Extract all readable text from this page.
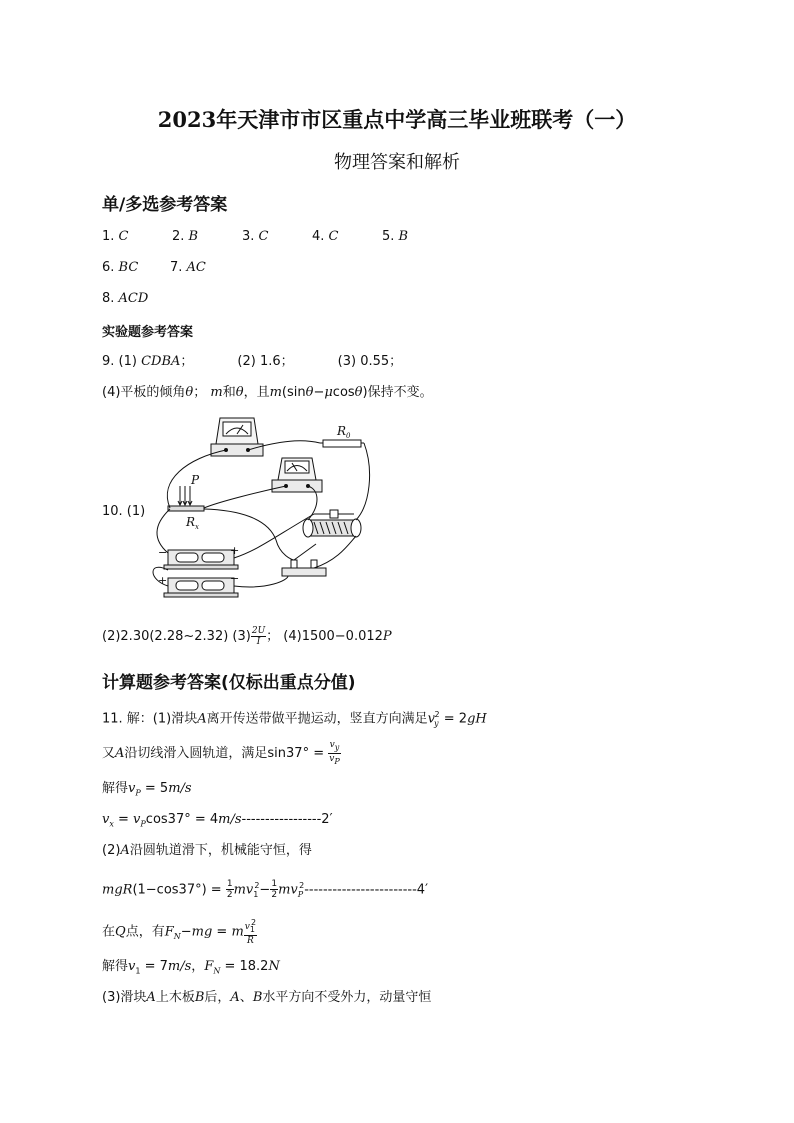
2023年天津市市区重点中学高三毕业班联考（一）
物理答案和解析
单/多选参考答案
1. C	2. B	3. C	4. C	5. B
6. BC 7. AC
8. ACD
实验题参考答案
9. (1) CDBA；	(2) 1.6；	(3) 0.55；
(4)平板的倾角θ； m和θ，且m(sinθ−μcosθ)保持不变。
10. (1)
$R_0$
P
$R_x$
−	+
+	−
(2)2.30(2.28~2.32) $(3) \frac{2U}{I}$ ； (4)1500−0.012P
计算题参考答案(仅标出重点分值)
11. 解：(1)滑块A离开传送带做平抛运动，竖直方向满足$v_y^2 = 2gH$
又A沿切线滑入圆轨道，满足$\sin 37^\circ = \frac{v_y}{v_P}$
解得$v_P = 5m/s$
$v_x = v_P\cos 37^\circ = 4m/s-----------------2'$
(2)A沿圆轨道滑下，机械能守恒，得
$mgR(1-\cos 37^\circ) = \frac{1}{2} mv_1^2- \frac{1}{2} mv_P^2------------------------4'$
在Q点，有$F_N-mg = m \frac{v_1^2}{R}$
解得$v_1 = 7m/s$，$F_N = 18.2N$
(3)滑块A上木板B后，A、B水平方向不受外力，动量守恒
